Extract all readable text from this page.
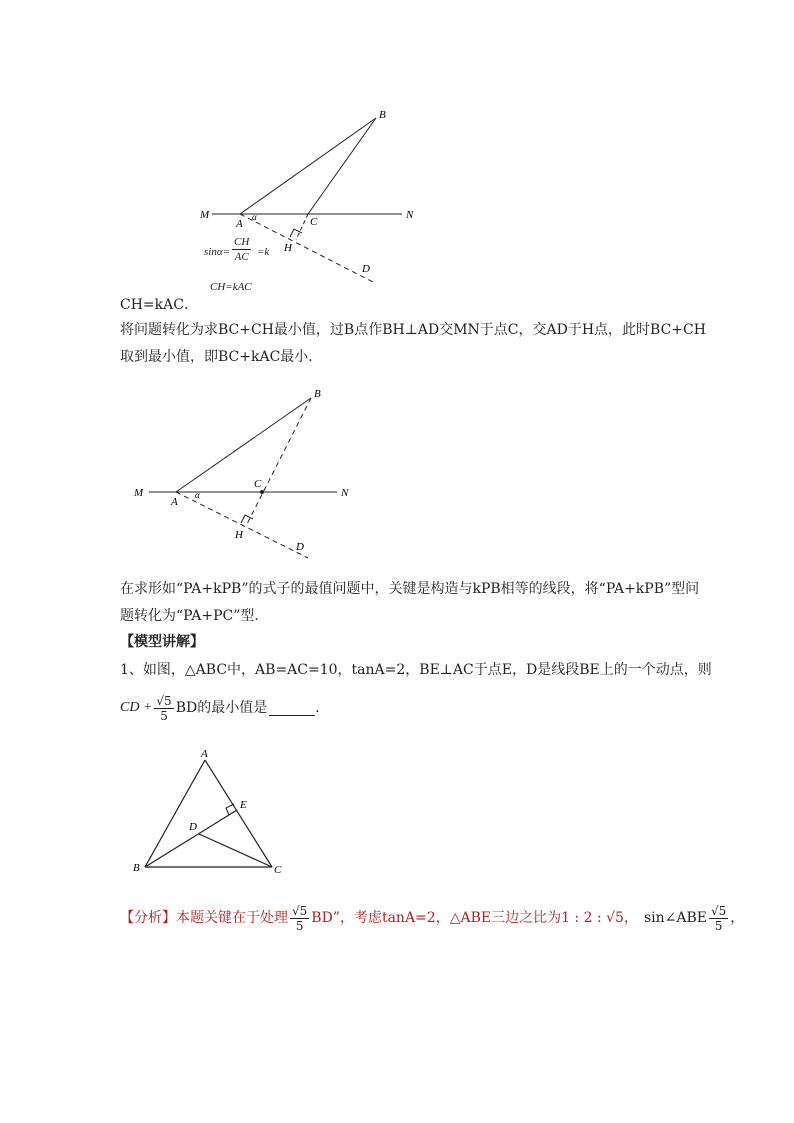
B
M	N
A
α	C
H
D
$\sin\alpha= \frac{CH}{AC} =k$
CH=kAC
CH=kAC．
将问题转化为求BC+CH最小值，过B点作BH⊥AD交MN于点C，交AD于H点，此时BC+CH
取到最小值，即BC+kAC最小．
B
M	N
A
α
C
H
D
在求形如“PA+kPB”的式子的最值问题中，关键是构造与kPB相等的线段，将“PA+kPB”型问
题转化为“PA+PC”型．
【模型讲解】
1、如图，△ABC中，AB=AC=10，tanA=2，BE⊥AC于点E，D是线段BE上的一个动点，则
CD + $\frac{√5}{5}$ BD的最小值是	．
A
E
D
B	C
【分析】 本题关键在于处理 $\frac{√5}{5}$ BD”，考虑tanA=2，△ABE三边之比为1 : 2 : √5， sin∠ABE $\frac{√5}{5}$ ，
